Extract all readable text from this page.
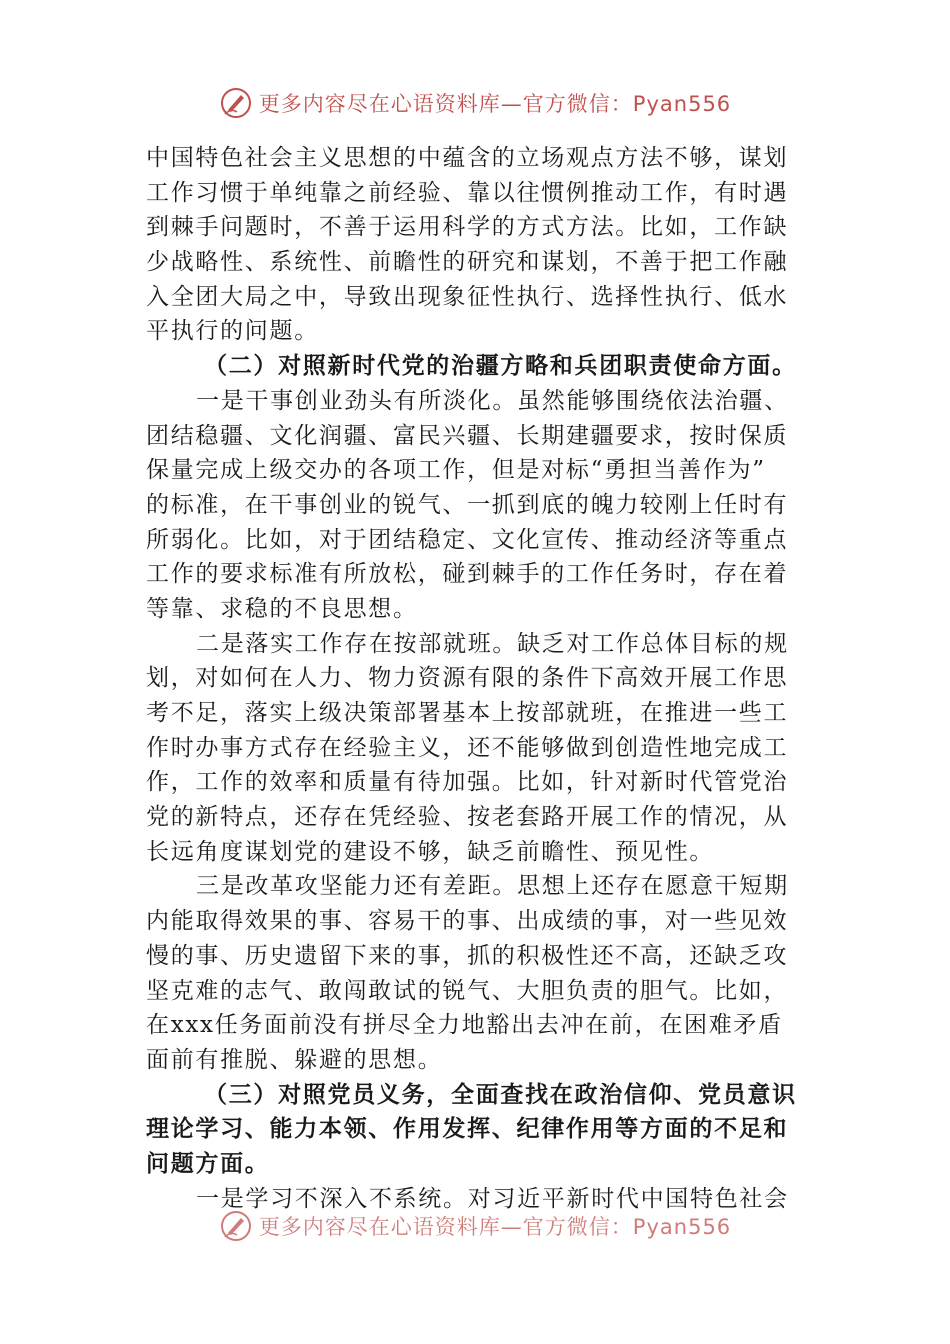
更多内容尽在心语资料库—官方微信：Pyan556
中国特色社会主义思想的中蕴含的立场观点方法不够，谋划
工作习惯于单纯靠之前经验、靠以往惯例推动工作，有时遇
到棘手问题时，不善于运用科学的方式方法。比如，工作缺
少战略性、系统性、前瞻性的研究和谋划，不善于把工作融
入全团大局之中，导致出现象征性执行、选择性执行、低水
平执行的问题。
（二）对照新时代党的治疆方略和兵团职责使命方面。
一是干事创业劲头有所淡化。虽然能够围绕依法治疆、
团结稳疆、文化润疆、富民兴疆、长期建疆要求，按时保质
保量完成上级交办的各项工作，但是对标“勇担当善作为”
的标准，在干事创业的锐气、一抓到底的魄力较刚上任时有
所弱化。比如，对于团结稳定、文化宣传、推动经济等重点
工作的要求标准有所放松，碰到棘手的工作任务时，存在着
等靠、求稳的不良思想。
二是落实工作存在按部就班。缺乏对工作总体目标的规
划，对如何在人力、物力资源有限的条件下高效开展工作思
考不足，落实上级决策部署基本上按部就班，在推进一些工
作时办事方式存在经验主义，还不能够做到创造性地完成工
作，工作的效率和质量有待加强。比如，针对新时代管党治
党的新特点，还存在凭经验、按老套路开展工作的情况，从
长远角度谋划党的建设不够，缺乏前瞻性、预见性。
三是改革攻坚能力还有差距。思想上还存在愿意干短期
内能取得效果的事、容易干的事、出成绩的事，对一些见效
慢的事、历史遗留下来的事，抓的积极性还不高，还缺乏攻
坚克难的志气、敢闯敢试的锐气、大胆负责的胆气。比如，
在xxx任务面前没有拼尽全力地豁出去冲在前，在困难矛盾
面前有推脱、躲避的思想。
（三）对照党员义务，全面查找在政治信仰、党员意识
理论学习、能力本领、作用发挥、纪律作用等方面的不足和
问题方面。
一是学习不深入不系统。对习近平新时代中国特色社会
更多内容尽在心语资料库—官方微信：Pyan556
